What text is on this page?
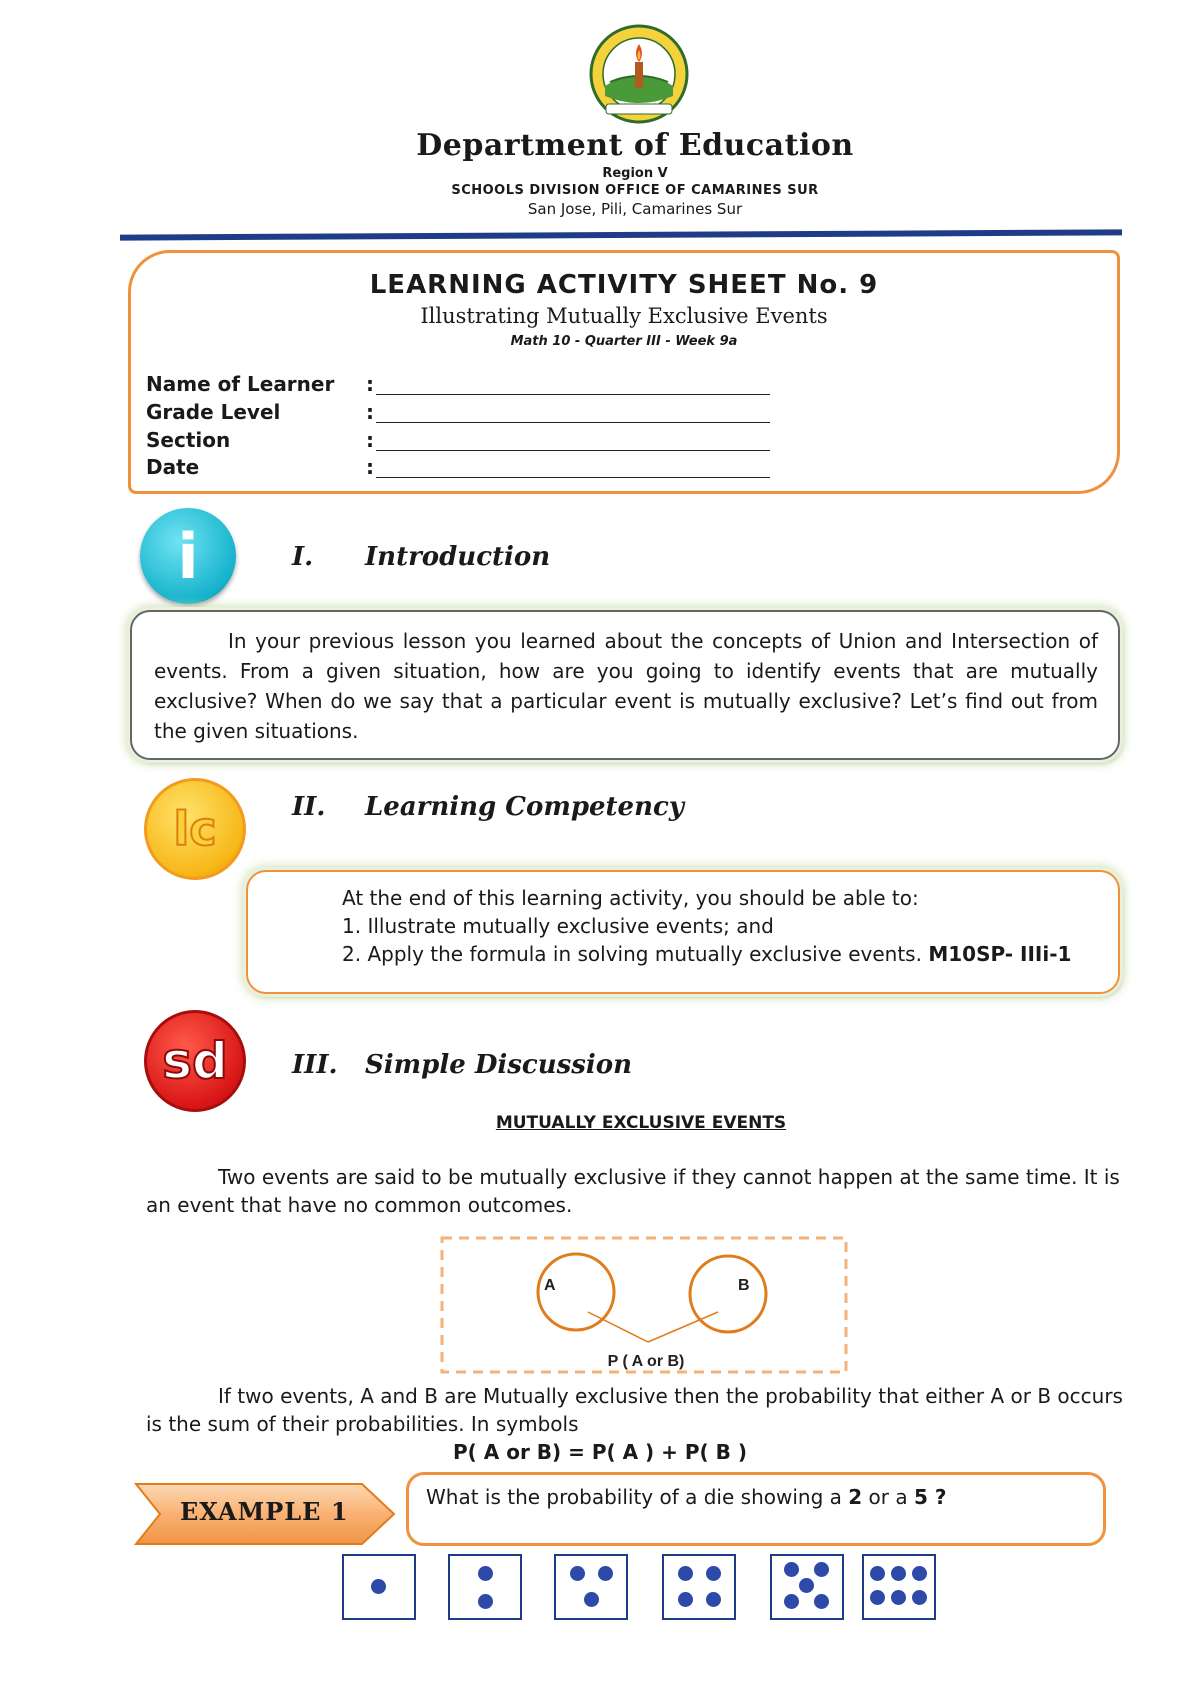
Department of Education
Region V
SCHOOLS DIVISION OFFICE OF CAMARINES SUR
San Jose, Pili, Camarines Sur
LEARNING ACTIVITY SHEET No. 9
Illustrating Mutually Exclusive Events
Math 10 - Quarter III - Week 9a
Name of Learner :
Grade Level	:
Section	:
Date	:
i	I. Introduction
In your previous lesson you learned about the concepts of Union and Intersection of events. From a given situation, how are you going to identify events that are mutually exclusive? When do we say that a particular event is mutually exclusive? Let’s find out from the given situations.
lc	II. Learning Competency
At the end of this learning activity, you should be able to:
1. Illustrate mutually exclusive events; and
2. Apply the formula in solving mutually exclusive events. M10SP- IIIi-1
sd	III. Simple Discussion
MUTUALLY EXCLUSIVE EVENTS
Two events are said to be mutually exclusive if they cannot happen at the same time. It is an event that have no common outcomes.
A	B
P ( A or B)
If two events, A and B are Mutually exclusive then the probability that either A or B occurs is the sum of their probabilities. In symbols
P( A or B) = P( A ) + P( B )
EXAMPLE 1	What is the probability of a die showing a 2 or a 5 ?
